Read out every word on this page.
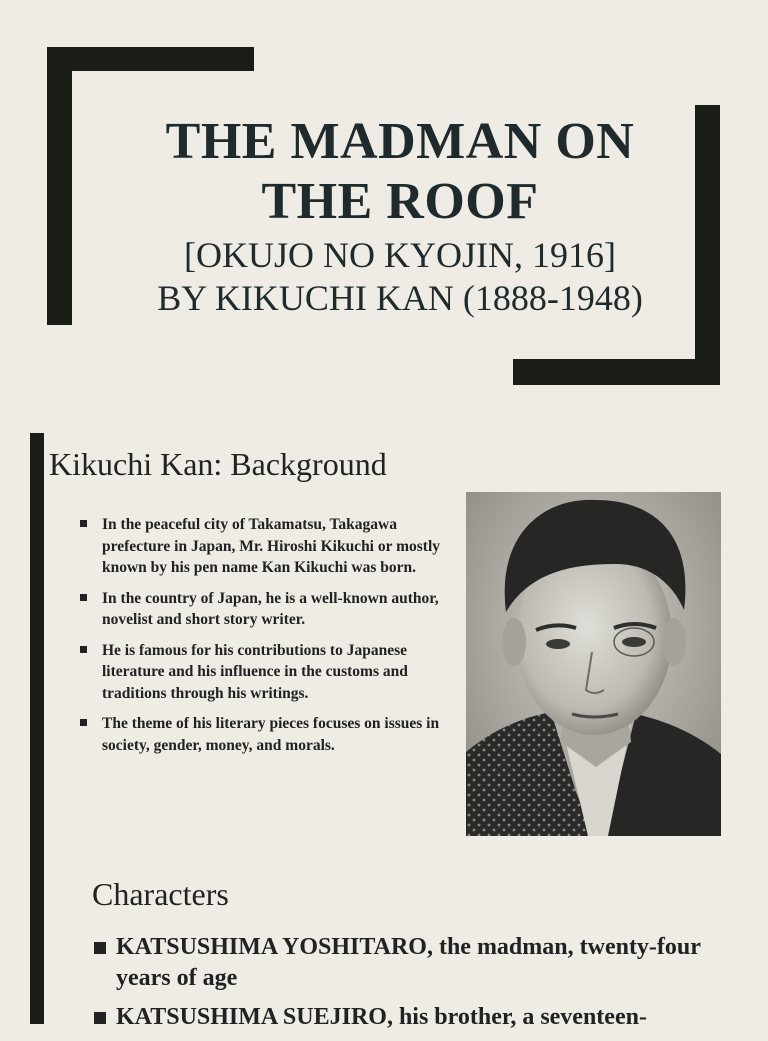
THE MADMAN ON
THE ROOF
[OKUJO NO KYOJIN, 1916]
BY KIKUCHI KAN (1888-1948)
Kikuchi Kan: Background
In the peaceful city of Takamatsu, Takagawa prefecture in Japan, Mr. Hiroshi Kikuchi or mostly known by his pen name Kan Kikuchi was born.
In the country of Japan, he is a well-known author, novelist and short story writer.
He is famous for his contributions to Japanese literature and his influence in the customs and traditions through his writings.
The theme of his literary pieces focuses on issues in society, gender, money, and morals.
Characters
KATSUSHIMA YOSHITARO, the madman, twenty-four years of age
KATSUSHIMA SUEJIRO, his brother, a seventeen-
